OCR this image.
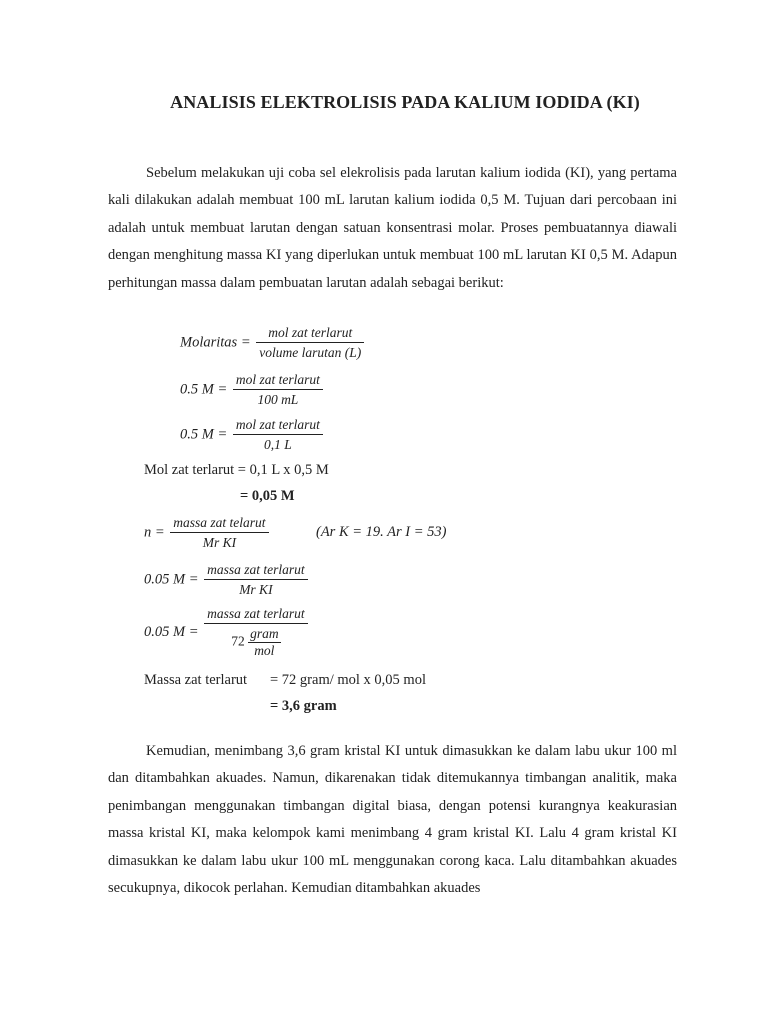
ANALISIS ELEKTROLISIS PADA KALIUM IODIDA (KI)

Sebelum melakukan uji coba sel elekrolisis pada larutan kalium iodida (KI), yang pertama kali dilakukan adalah membuat 100 mL larutan kalium iodida 0,5 M. Tujuan dari percobaan ini adalah untuk membuat larutan dengan satuan konsentrasi molar. Proses pembuatannya diawali dengan menghitung massa KI yang diperlukan untuk membuat 100 mL larutan KI 0,5 M. Adapun perhitungan massa dalam pembuatan larutan adalah sebagai berikut:

Molaritas = $\frac{\text{mol zat terlarut}}{\text{volume larutan (L)}}$
0.5 $M = \frac{\text{mol zat terlarut}}{100 mL}$
0.5 $M = \frac{\text{mol zat terlarut}}{0,1 L}$
Mol zat terlarut = 0,1 L x 0,5 M
= 0,05 M
$n = \frac{\text{massa zat telarut}}{\text{Mr KI}}$	(Ar K = 19. Ar I = 53)
0.05 $M = \frac{\text{massa zat terlarut}}{\text{Mr KI}}$
0.05 M = massa zat terlarut
72
gram
mol
Massa zat terlarut = 72 gram/ mol x 0,05 mol
= 3,6 gram

Kemudian, menimbang 3,6 gram kristal KI untuk dimasukkan ke dalam labu ukur 100 ml dan ditambahkan akuades. Namun, dikarenakan tidak ditemukannya timbangan analitik, maka penimbangan menggunakan timbangan digital biasa, dengan potensi kurangnya keakurasian massa kristal KI, maka kelompok kami menimbang 4 gram kristal KI. Lalu 4 gram kristal KI dimasukkan ke dalam labu ukur 100 mL menggunakan corong kaca. Lalu ditambahkan akuades secukupnya, dikocok perlahan. Kemudian ditambahkan akuades
